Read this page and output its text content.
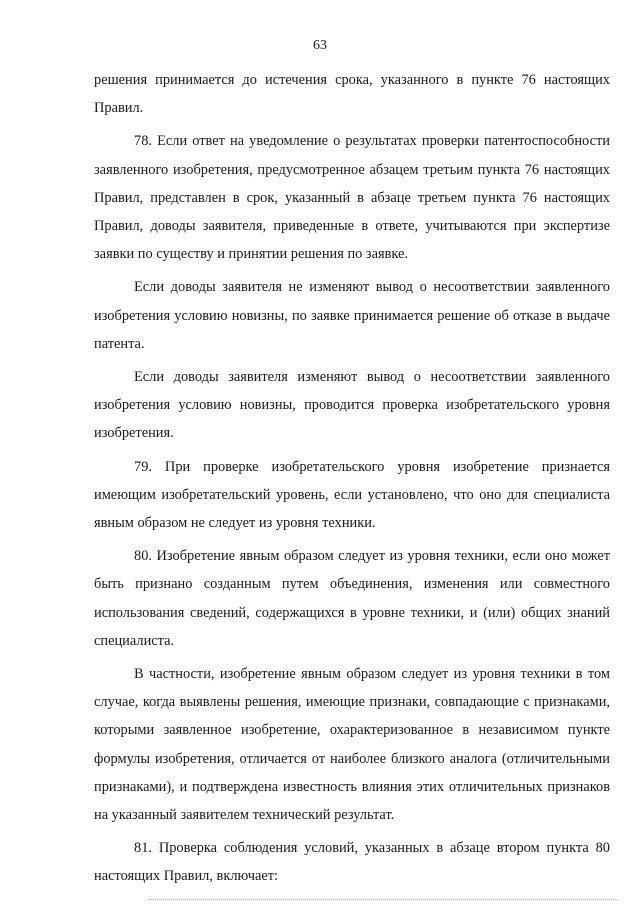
63

решения принимается до истечения срока, указанного в пункте 76 настоящих Правил.

78. Если ответ на уведомление о результатах проверки патентоспособности заявленного изобретения, предусмотренное абзацем третьим пункта 76 настоящих Правил, представлен в срок, указанный в абзаце третьем пункта 76 настоящих Правил, доводы заявителя, приведенные в ответе, учитываются при экспертизе заявки по существу и принятии решения по заявке.

Если доводы заявителя не изменяют вывод о несоответствии заявленного изобретения условию новизны, по заявке принимается решение об отказе в выдаче патента.

Если доводы заявителя изменяют вывод о несоответствии заявленного изобретения условию новизны, проводится проверка изобретательского уровня изобретения.

79. При проверке изобретательского уровня изобретение признается имеющим изобретательский уровень, если установлено, что оно для специалиста явным образом не следует из уровня техники.

80. Изобретение явным образом следует из уровня техники, если оно может быть признано созданным путем объединения, изменения или совместного использования сведений, содержащихся в уровне техники, и (или) общих знаний специалиста.

В частности, изобретение явным образом следует из уровня техники в том случае, когда выявлены решения, имеющие признаки, совпадающие с признаками, которыми заявленное изобретение, охарактеризованное в независимом пункте формулы изобретения, отличается от наиболее близкого аналога (отличительными признаками), и подтверждена известность влияния этих отличительных признаков на указанный заявителем технический результат.

81. Проверка соблюдения условий, указанных в абзаце втором пункта 80 настоящих Правил, включает:
